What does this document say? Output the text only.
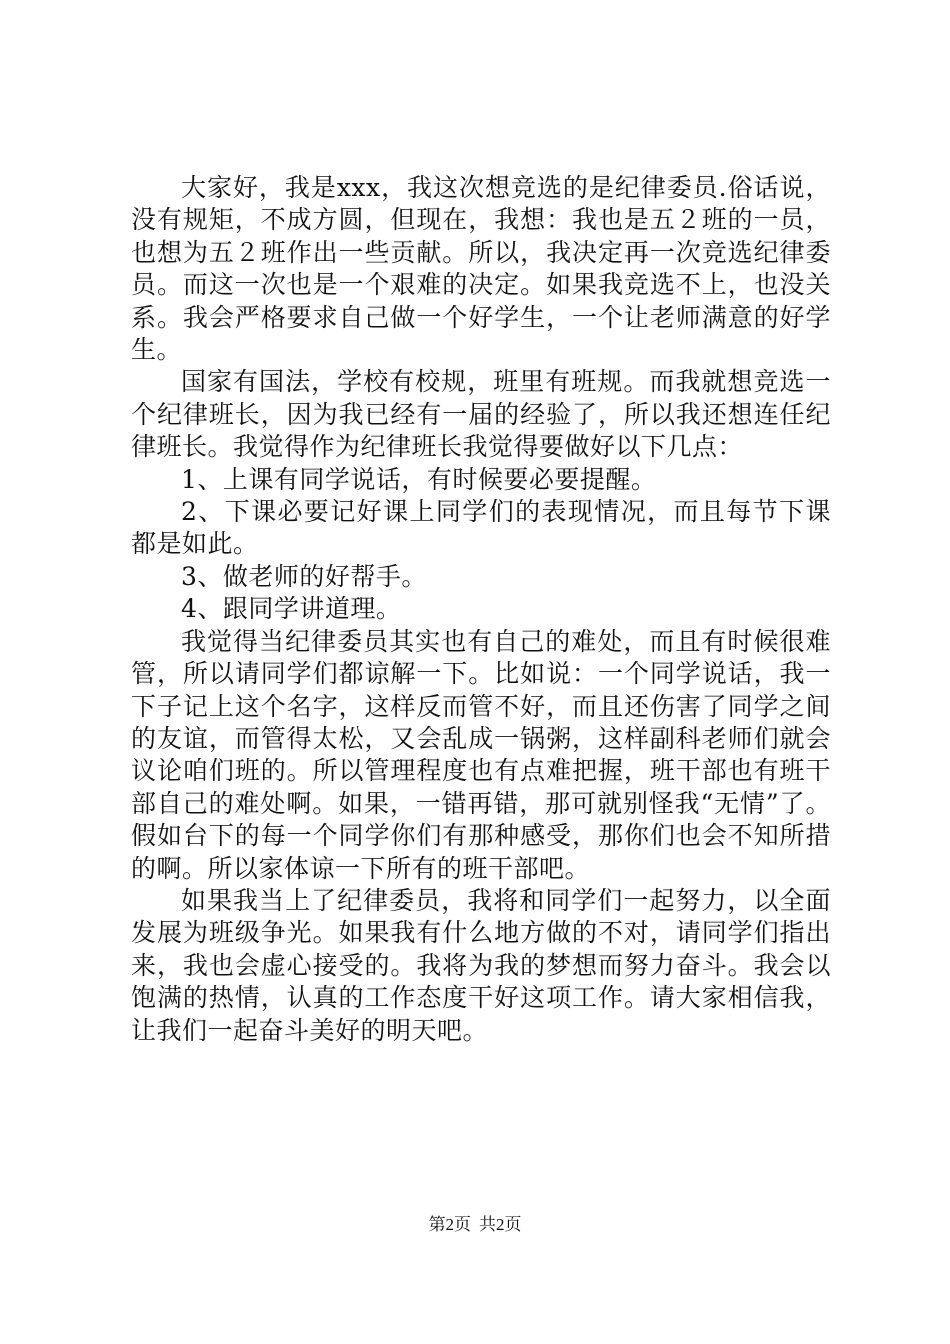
大家好，我是xxx，我这次想竞选的是纪律委员.俗话说，没有规矩，不成方圆，但现在，我想：我也是五２班的一员，也想为五２班作出一些贡献。所以，我决定再一次竞选纪律委员。而这一次也是一个艰难的决定。如果我竞选不上，也没关系。我会严格要求自己做一个好学生，一个让老师满意的好学生。

国家有国法，学校有校规，班里有班规。而我就想竞选一个纪律班长，因为我已经有一届的经验了，所以我还想连任纪律班长。我觉得作为纪律班长我觉得要做好以下几点：

1、上课有同学说话，有时候要必要提醒。

2、下课必要记好课上同学们的表现情况，而且每节下课都是如此。

3、做老师的好帮手。

4、跟同学讲道理。

我觉得当纪律委员其实也有自己的难处，而且有时候很难管，所以请同学们都谅解一下。比如说：一个同学说话，我一下子记上这个名字，这样反而管不好，而且还伤害了同学之间的友谊，而管得太松，又会乱成一锅粥，这样副科老师们就会议论咱们班的。所以管理程度也有点难把握，班干部也有班干部自己的难处啊。如果，一错再错，那可就别怪我“无情”了。假如台下的每一个同学你们有那种感受，那你们也会不知所措的啊。所以家体谅一下所有的班干部吧。

如果我当上了纪律委员，我将和同学们一起努力，以全面发展为班级争光。如果我有什么地方做的不对，请同学们指出来，我也会虚心接受的。我将为我的梦想而努力奋斗。我会以饱满的热情，认真的工作态度干好这项工作。请大家相信我，让我们一起奋斗美好的明天吧。

第2页 共2页
